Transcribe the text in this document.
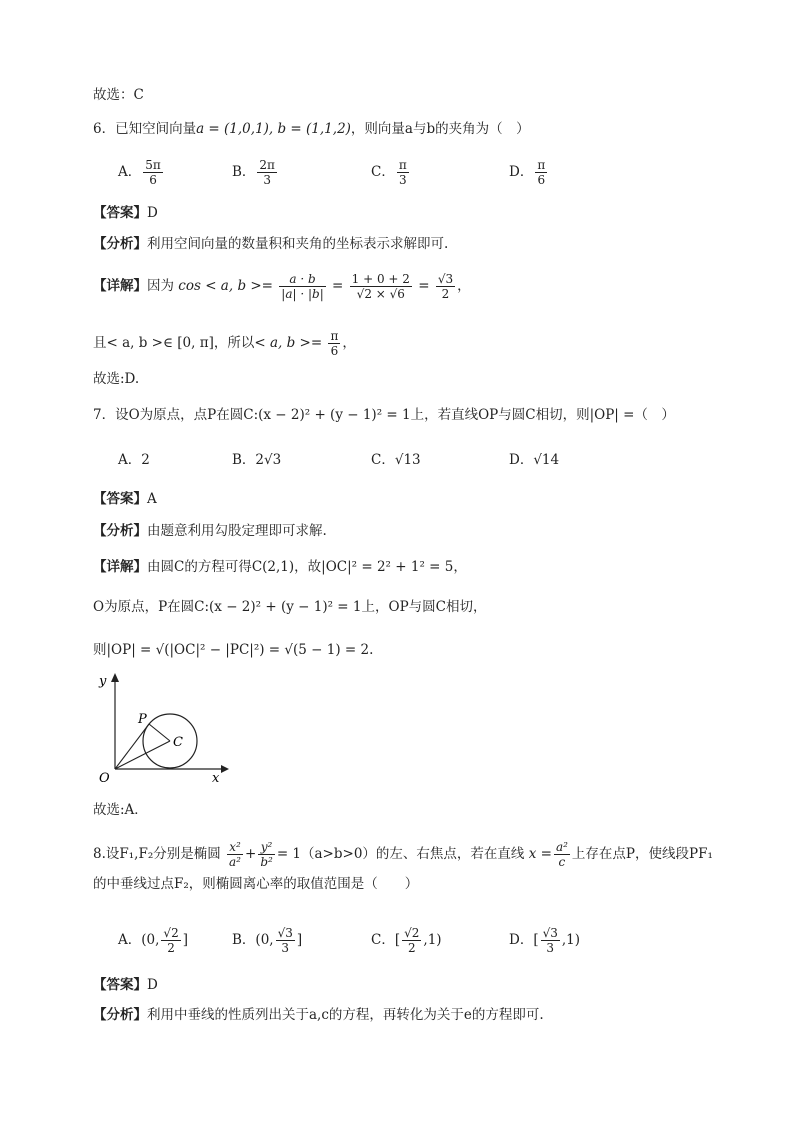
故选：C
6．已知空间向量a = (1,0,1), b = (1,1,2)，则向量a与b的夹角为（　）
A． $\frac{5\pi}{6}$	B． $\frac{2\pi}{3}$	C． $\frac{\pi}{3}$	D． $\frac{\pi}{6}$
【答案】D
【分析】利用空间向量的数量积和夹角的坐标表示求解即可.
【详解】因为 cos < a, $b >= \frac{a \cdot b}{|a| \cdot |b|} = \frac{1 + 0 + 2}{√2 \times √6} = \frac{√3}{2}$ ，
且< a, b >∈ [0, π]，所以< a, $b >= \frac{\pi}{6}$ ，
故选:D.
7．设O为原点，点P在圆C:(x − 2)² + (y − 1)² = 1上，若直线OP与圆C相切，则|OP| =（　）
A．2	B．2√3	C．√13	D．√14
【答案】A
【分析】由题意利用勾股定理即可求解.
【详解】由圆C的方程可得C(2,1)，故|OC|² = 2² + 1² = 5，
O为原点，P在圆C:(x − 2)² + (y − 1)² = 1上，OP与圆C相切，
则|OP| = √(|OC|² − |PC|²) = √(5 − 1) = 2.
y
x
O
P
C
故选:A．
8.设F₁,F₂分别是椭圆 $\frac{\text{x²}}{\text{a²}} + \frac{\text{y²}}{\text{b²}} = 1(a>b>0)$的左、右焦点，若在直线 $x = \frac{\text{a²}}{c}$ 上存在点P，使线段PF₁
的中垂线过点F₂，则椭圆离心率的取值范围是（　　）
A．(0, $\frac{√2}{2}$ ]	B．(0, $\frac{√3}{3}$ ]	C．[ $\frac{√2}{2} ,1$)	D．[ $\frac{√3}{3} ,1$)
【答案】D
【分析】利用中垂线的性质列出关于a,c的方程，再转化为关于e的方程即可.
